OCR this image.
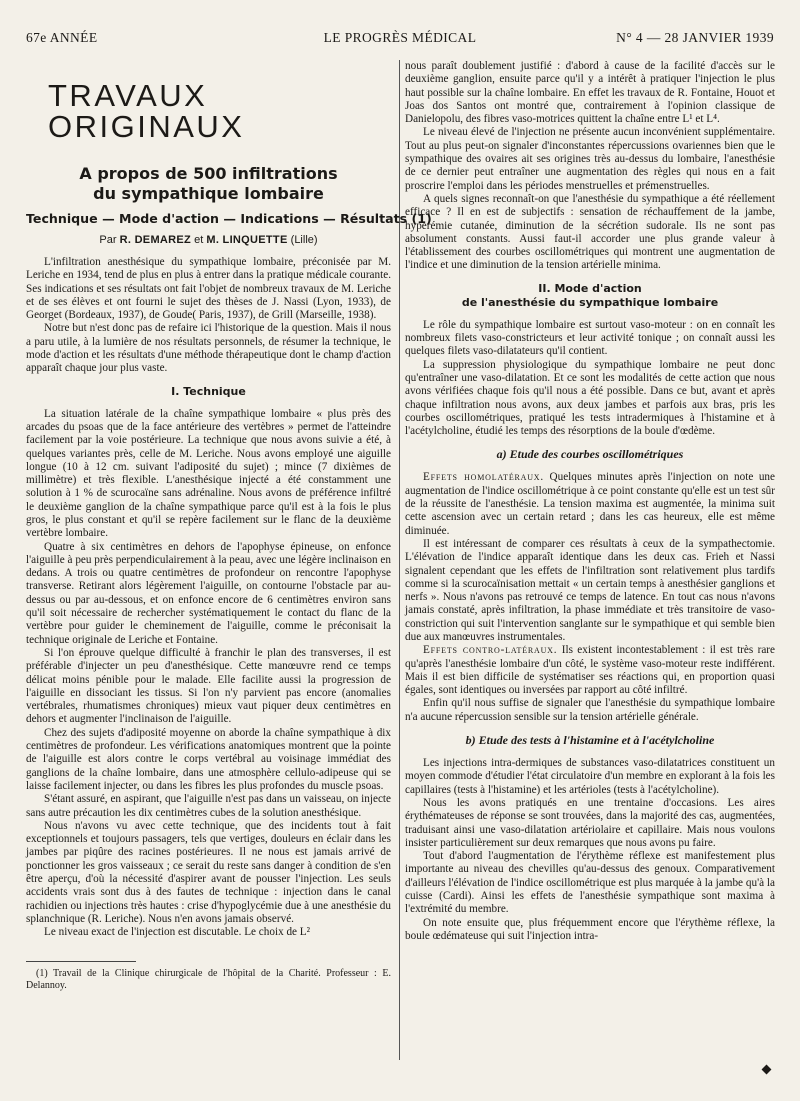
67e ANNÉE	LE PROGRÈS MÉDICAL	N° 4 — 28 JANVIER 1939
TRAVAUX ORIGINAUX
A propos de 500 infiltrations
du sympathique lombaire
Technique — Mode d'action — Indications — Résultats (1)
Par R. DEMAREZ et M. LINQUETTE (Lille)

L'infiltration anesthésique du sympathique lombaire, préconisée par M. Leriche en 1934, tend de plus en plus à entrer dans la pratique médicale courante. Ses indications et ses résultats ont fait l'objet de nombreux travaux de M. Leriche et de ses élèves et ont fourni le sujet des thèses de J. Nassi (Lyon, 1933), de Georget (Bordeaux, 1937), de Goude( Paris, 1937), de Grill (Marseille, 1938).

Notre but n'est donc pas de refaire ici l'historique de la question. Mais il nous a paru utile, à la lumière de nos résultats personnels, de résumer la technique, le mode d'action et les résultats d'une méthode thérapeutique dont le champ d'action apparaît chaque jour plus vaste.

I. Technique

La situation latérale de la chaîne sympathique lombaire « plus près des arcades du psoas que de la face antérieure des vertèbres » permet de l'atteindre facilement par la voie postérieure. La technique que nous avons suivie a été, à quelques variantes près, celle de M. Leriche. Nous avons employé une aiguille longue (10 à 12 cm. suivant l'adiposité du sujet) ; mince (7 dixièmes de millimètre) et très flexible. L'anesthésique injecté a été constamment une solution à 1 % de scurocaïne sans adrénaline. Nous avons de préférence infiltré le deuxième ganglion de la chaîne sympathique parce qu'il est à la fois le plus gros, le plus constant et qu'il se repère facilement sur le flanc de la deuxième vertèbre lombaire.

Quatre à six centimètres en dehors de l'apophyse épineuse, on enfonce l'aiguille à peu près perpendiculairement à la peau, avec une légère inclinaison en dedans. A trois ou quatre centimètres de profondeur on rencontre l'apophyse transverse. Retirant alors légèrement l'aiguille, on contourne l'obstacle par au-dessus ou par au-dessous, et on enfonce encore de 6 centimètres environ sans qu'il soit nécessaire de rechercher systématiquement le contact du flanc de la vertèbre pour guider le cheminement de l'aiguille, comme le préconisait la technique originale de Leriche et Fontaine.

Si l'on éprouve quelque difficulté à franchir le plan des transverses, il est préférable d'injecter un peu d'anesthésique. Cette manœuvre rend ce temps délicat moins pénible pour le malade. Elle facilite aussi la progression de l'aiguille en dissociant les tissus. Si l'on n'y parvient pas encore (anomalies vertébrales, rhumatismes chroniques) mieux vaut piquer deux centimètres en dehors et augmenter l'inclinaison de l'aiguille.

Chez des sujets d'adiposité moyenne on aborde la chaîne sympathique à dix centimètres de profondeur. Les vérifications anatomiques montrent que la pointe de l'aiguille est alors contre le corps vertébral au voisinage immédiat des ganglions de la chaîne lombaire, dans une atmosphère cellulo-adipeuse qui se laisse facilement injecter, ou dans les fibres les plus profondes du muscle psoas.

S'étant assuré, en aspirant, que l'aiguille n'est pas dans un vaisseau, on injecte sans autre précaution les dix centimètres cubes de la solution anesthésique.

Nous n'avons vu avec cette technique, que des incidents tout à fait exceptionnels et toujours passagers, tels que vertiges, douleurs en éclair dans les jambes par piqûre des racines postérieures. Il ne nous est jamais arrivé de ponctionner les gros vaisseaux ; ce serait du reste sans danger à condition de s'en être aperçu, d'où la nécessité d'aspirer avant de pousser l'injection. Les seuls accidents vrais sont dus à des fautes de technique : injection dans le canal rachidien ou injections très hautes : crise d'hypoglycémie due à une anesthésie du splanchnique (R. Leriche). Nous n'en avons jamais observé.

Le niveau exact de l'injection est discutable. Le choix de L²

(1) Travail de la Clinique chirurgicale de l'hôpital de la Charité. Professeur : E. Delannoy.

nous paraît doublement justifié : d'abord à cause de la facilité d'accès sur le deuxième ganglion, ensuite parce qu'il y a intérêt à pratiquer l'injection le plus haut possible sur la chaîne lombaire. En effet les travaux de R. Fontaine, Houot et Joas dos Santos ont montré que, contrairement à l'opinion classique de Danielopolu, des fibres vaso-motrices quittent la chaîne entre L¹ et L⁴.

Le niveau élevé de l'injection ne présente aucun inconvénient supplémentaire. Tout au plus peut-on signaler d'inconstantes répercussions ovariennes bien que le sympathique des ovaires ait ses origines très au-dessus du lombaire, l'anesthésie de ce dernier peut entraîner une augmentation des règles qui nous en a fait proscrire l'emploi dans les périodes menstruelles et prémenstruelles.

A quels signes reconnaît-on que l'anesthésie du sympathique a été réellement efficace ? Il en est de subjectifs : sensation de réchauffement de la jambe, hyperémie cutanée, diminution de la sécrétion sudorale. Ils ne sont pas absolument constants. Aussi faut-il accorder une plus grande valeur à l'établissement des courbes oscillométriques qui montrent une augmentation de l'indice et une diminution de la tension artérielle minima.

II. Mode d'action
de l'anesthésie du sympathique lombaire

Le rôle du sympathique lombaire est surtout vaso-moteur : on en connaît les nombreux filets vaso-constricteurs et leur activité tonique ; on connaît aussi les quelques filets vaso-dilatateurs qu'il contient.

La suppression physiologique du sympathique lombaire ne peut donc qu'entraîner une vaso-dilatation. Et ce sont les modalités de cette action que nous avons vérifiées chaque fois qu'il nous a été possible. Dans ce but, avant et après chaque infiltration nous avons, aux deux jambes et parfois aux bras, pris les courbes oscillométriques, pratiqué les tests intradermiques à l'histamine et à l'acétylcholine, étudié les temps des résorptions de la boule d'œdème.

a) Etude des courbes oscillométriques

Effets homolatéraux. Quelques minutes après l'injection on note une augmentation de l'indice oscillométrique à ce point constante qu'elle est un test sûr de la réussite de l'anesthésie. La tension maxima est augmentée, la minima suit cette ascension avec un certain retard ; dans les cas heureux, elle est même diminuée.

Il est intéressant de comparer ces résultats à ceux de la sympathectomie. L'élévation de l'indice apparaît identique dans les deux cas. Frieh et Nassi signalent cependant que les effets de l'infiltration sont relativement plus tardifs comme si la scurocaïnisation mettait « un certain temps à anesthésier ganglions et nerfs ». Nous n'avons pas retrouvé ce temps de latence. En tout cas nous n'avons jamais constaté, après infiltration, la phase immédiate et très transitoire de vaso-constriction qui suit l'intervention sanglante sur le sympathique et qui semble bien due aux manœuvres instrumentales.

Effets contro-latéraux. Ils existent incontestablement : il est très rare qu'après l'anesthésie lombaire d'un côté, le système vaso-moteur reste indifférent. Mais il est bien difficile de systématiser ses réactions qui, en proportion quasi égales, sont identiques ou inversées par rapport au côté infiltré.

Enfin qu'il nous suffise de signaler que l'anesthésie du sympathique lombaire n'a aucune répercussion sensible sur la tension artérielle générale.

b) Etude des tests à l'histamine et à l'acétylcholine

Les injections intra-dermiques de substances vaso-dilatatrices constituent un moyen commode d'étudier l'état circulatoire d'un membre en explorant à la fois les capillaires (tests à l'histamine) et les artérioles (tests à l'acétylcholine).

Nous les avons pratiqués en une trentaine d'occasions. Les aires érythémateuses de réponse se sont trouvées, dans la majorité des cas, augmentées, traduisant ainsi une vaso-dilatation artériolaire et capillaire. Mais nous voulons insister particulièrement sur deux remarques que nous avons pu faire.

Tout d'abord l'augmentation de l'érythème réflexe est manifestement plus importante au niveau des chevilles qu'au-dessus des genoux. Comparativement d'ailleurs l'élévation de l'indice oscillométrique est plus marquée à la jambe qu'à la cuisse (Cardi). Ainsi les effets de l'anesthésie sympathique sont maxima à l'extrémité du membre.

On note ensuite que, plus fréquemment encore que l'érythème réflexe, la boule œdémateuse qui suit l'injection intra-
